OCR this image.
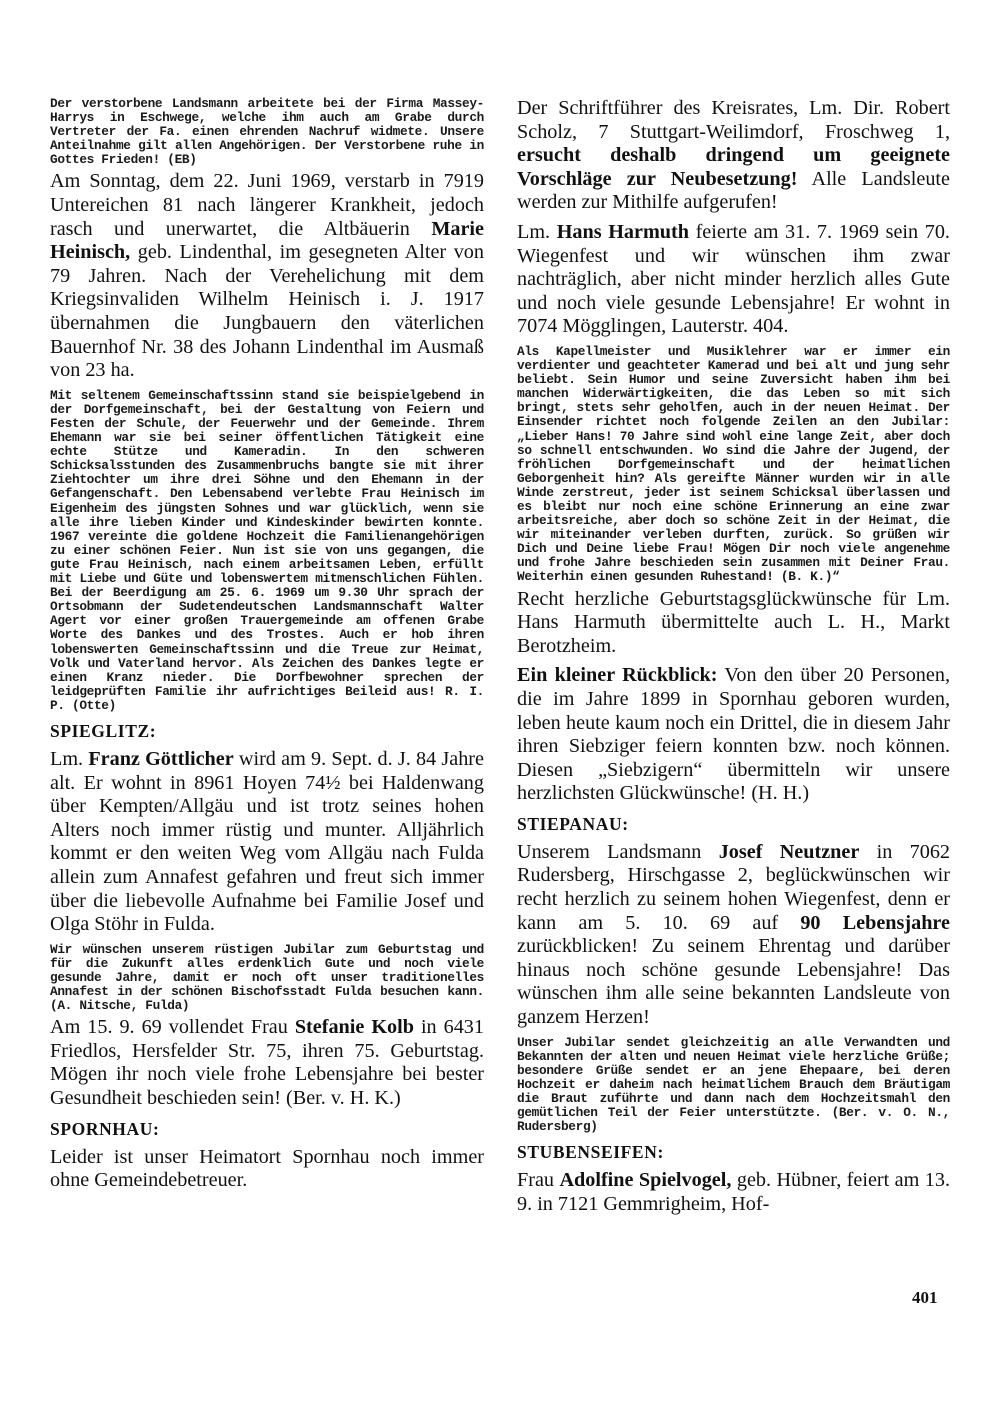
Der verstorbene Landsmann arbeitete bei der Firma Massey-Harrys in Eschwege, welche ihm auch am Grabe durch Vertreter der Fa. einen ehrenden Nachruf widmete. Unsere Anteilnahme gilt allen Angehörigen. Der Verstorbene ruhe in Gottes Frieden! (EB)

Am Sonntag, dem 22. Juni 1969, verstarb in 7919 Untereichen 81 nach längerer Krankheit, jedoch rasch und unerwartet, die Altbäuerin Marie Heinisch, geb. Lindenthal, im gesegneten Alter von 79 Jahren. Nach der Verehelichung mit dem Kriegsinvaliden Wilhelm Heinisch i. J. 1917 übernahmen die Jungbauern den väterlichen Bauernhof Nr. 38 des Johann Lindenthal im Ausmaß von 23 ha.

Mit seltenem Gemeinschaftssinn stand sie beispielgebend in der Dorfgemeinschaft, bei der Gestaltung von Feiern und Festen der Schule, der Feuerwehr und der Gemeinde. Ihrem Ehemann war sie bei seiner öffentlichen Tätigkeit eine echte Stütze und Kameradin. In den schweren Schicksalsstunden des Zusammenbruchs bangte sie mit ihrer Ziehtochter um ihre drei Söhne und den Ehemann in der Gefangenschaft. Den Lebensabend verlebte Frau Heinisch im Eigenheim des jüngsten Sohnes und war glücklich, wenn sie alle ihre lieben Kinder und Kindeskinder bewirten konnte. 1967 vereinte die goldene Hochzeit die Familienangehörigen zu einer schönen Feier. Nun ist sie von uns gegangen, die gute Frau Heinisch, nach einem arbeitsamen Leben, erfüllt mit Liebe und Güte und lobenswertem mitmenschlichen Fühlen. Bei der Beerdigung am 25. 6. 1969 um 9.30 Uhr sprach der Ortsobmann der Sudetendeutschen Landsmannschaft Walter Agert vor einer großen Trauergemeinde am offenen Grabe Worte des Dankes und des Trostes. Auch er hob ihren lobenswerten Gemeinschaftssinn und die Treue zur Heimat, Volk und Vaterland hervor. Als Zeichen des Dankes legte er einen Kranz nieder. Die Dorfbewohner sprechen der leidgeprüften Familie ihr aufrichtiges Beileid aus! R. I. P. (Otte)

SPIEGLITZ:

Lm. Franz Göttlicher wird am 9. Sept. d. J. 84 Jahre alt. Er wohnt in 8961 Hoyen 74½ bei Haldenwang über Kempten/Allgäu und ist trotz seines hohen Alters noch immer rüstig und munter. Alljährlich kommt er den weiten Weg vom Allgäu nach Fulda allein zum Annafest gefahren und freut sich immer über die liebevolle Aufnahme bei Familie Josef und Olga Stöhr in Fulda.

Wir wünschen unserem rüstigen Jubilar zum Geburtstag und für die Zukunft alles erdenklich Gute und noch viele gesunde Jahre, damit er noch oft unser traditionelles Annafest in der schönen Bischofsstadt Fulda besuchen kann. (A. Nitsche, Fulda)

Am 15. 9. 69 vollendet Frau Stefanie Kolb in 6431 Friedlos, Hersfelder Str. 75, ihren 75. Geburtstag. Mögen ihr noch viele frohe Lebensjahre bei bester Gesundheit beschieden sein! (Ber. v. H. K.)

SPORNHAU:

Leider ist unser Heimatort Spornhau noch immer ohne Gemeindebetreuer.

Der Schriftführer des Kreisrates, Lm. Dir. Robert Scholz, 7 Stuttgart-Weilimdorf, Froschweg 1, ersucht deshalb dringend um geeignete Vorschläge zur Neubesetzung! Alle Landsleute werden zur Mithilfe aufgerufen!

Lm. Hans Harmuth feierte am 31. 7. 1969 sein 70. Wiegenfest und wir wünschen ihm zwar nachträglich, aber nicht minder herzlich alles Gute und noch viele gesunde Lebensjahre! Er wohnt in 7074 Mögglingen, Lauterstr. 404.

Als Kapellmeister und Musiklehrer war er immer ein verdienter und geachteter Kamerad und bei alt und jung sehr beliebt. Sein Humor und seine Zuversicht haben ihm bei manchen Widerwärtigkeiten, die das Leben so mit sich bringt, stets sehr geholfen, auch in der neuen Heimat. Der Einsender richtet noch folgende Zeilen an den Jubilar: „Lieber Hans! 70 Jahre sind wohl eine lange Zeit, aber doch so schnell entschwunden. Wo sind die Jahre der Jugend, der fröhlichen Dorfgemeinschaft und der heimatlichen Geborgenheit hin? Als gereifte Männer wurden wir in alle Winde zerstreut, jeder ist seinem Schicksal überlassen und es bleibt nur noch eine schöne Erinnerung an eine zwar arbeitsreiche, aber doch so schöne Zeit in der Heimat, die wir miteinander verleben durften, zurück. So grüßen wir Dich und Deine liebe Frau! Mögen Dir noch viele angenehme und frohe Jahre beschieden sein zusammen mit Deiner Frau. Weiterhin einen gesunden Ruhestand! (B. K.)“

Recht herzliche Geburtstagsglückwünsche für Lm. Hans Harmuth übermittelte auch L. H., Markt Berotzheim.

Ein kleiner Rückblick: Von den über 20 Personen, die im Jahre 1899 in Spornhau geboren wurden, leben heute kaum noch ein Drittel, die in diesem Jahr ihren Siebziger feiern konnten bzw. noch können. Diesen „Siebzigern“ übermitteln wir unsere herzlichsten Glückwünsche! (H. H.)

STIEPANAU:

Unserem Landsmann Josef Neutzner in 7062 Rudersberg, Hirschgasse 2, beglückwünschen wir recht herzlich zu seinem hohen Wiegenfest, denn er kann am 5. 10. 69 auf 90 Lebensjahre zurückblicken! Zu seinem Ehrentag und darüber hinaus noch schöne gesunde Lebensjahre! Das wünschen ihm alle seine bekannten Landsleute von ganzem Herzen!

Unser Jubilar sendet gleichzeitig an alle Verwandten und Bekannten der alten und neuen Heimat viele herzliche Grüße; besondere Grüße sendet er an jene Ehepaare, bei deren Hochzeit er daheim nach heimatlichem Brauch dem Bräutigam die Braut zuführte und dann nach dem Hochzeitsmahl den gemütlichen Teil der Feier unterstützte. (Ber. v. O. N., Rudersberg)

STUBENSEIFEN:

Frau Adolfine Spielvogel, geb. Hübner, feiert am 13. 9. in 7121 Gemmrigheim, Hof-

401
